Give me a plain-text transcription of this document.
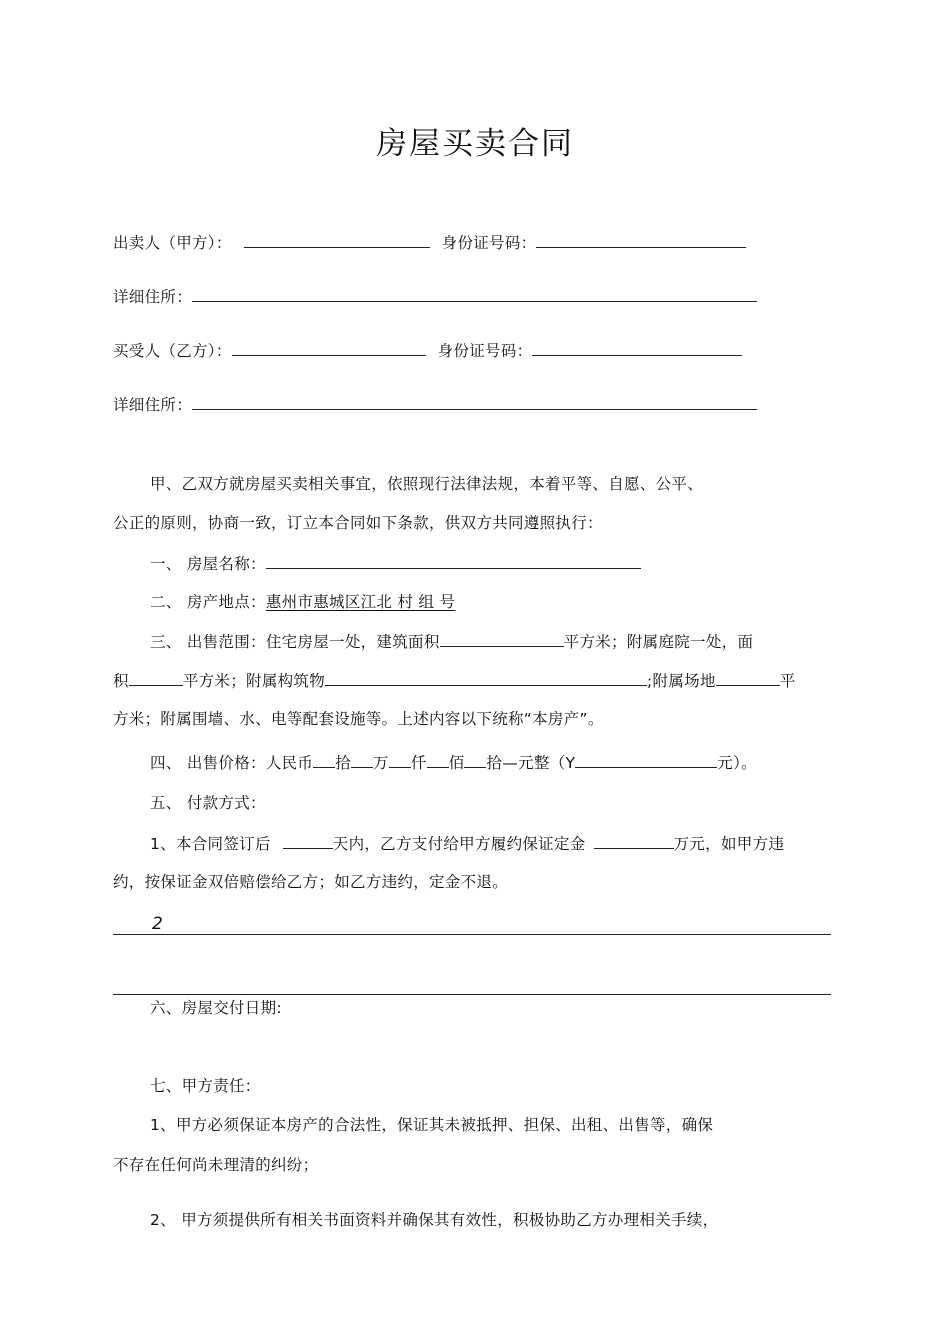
房屋买卖合同
出卖人（甲方）：	身份证号码：
详细住所：
买受人（乙方）：	身份证号码：
详细住所：
甲、乙双方就房屋买卖相关事宜，依照现行法律法规，本着平等、自愿、公平、
公正的原则，协商一致，订立本合同如下条款，供双方共同遵照执行：
一、 房屋名称：
二、 房产地点：惠州市惠城区江北 村 组 号
三、 出售范围：住宅房屋一处，建筑面积	平方米；附属庭院一处，面
积	平方米；附属构筑物	;附属场地	平
方米；附属围墙、水、电等配套设施等。上述内容以下统称“本房产”。
四、 出售价格：人民币 拾 万 仟 佰 拾—元整（Y	元）。
五、 付款方式：
1、本合同签订后	天内，乙方支付给甲方履约保证定金	万元，如甲方违
约，按保证金双倍赔偿给乙方；如乙方违约，定金不退。
2
六、房屋交付日期:
七、甲方责任：
1、甲方必须保证本房产的合法性，保证其未被抵押、担保、出租、出售等，确保
不存在任何尚未理清的纠纷；
2、 甲方须提供所有相关书面资料并确保其有效性，积极协助乙方办理相关手续，
